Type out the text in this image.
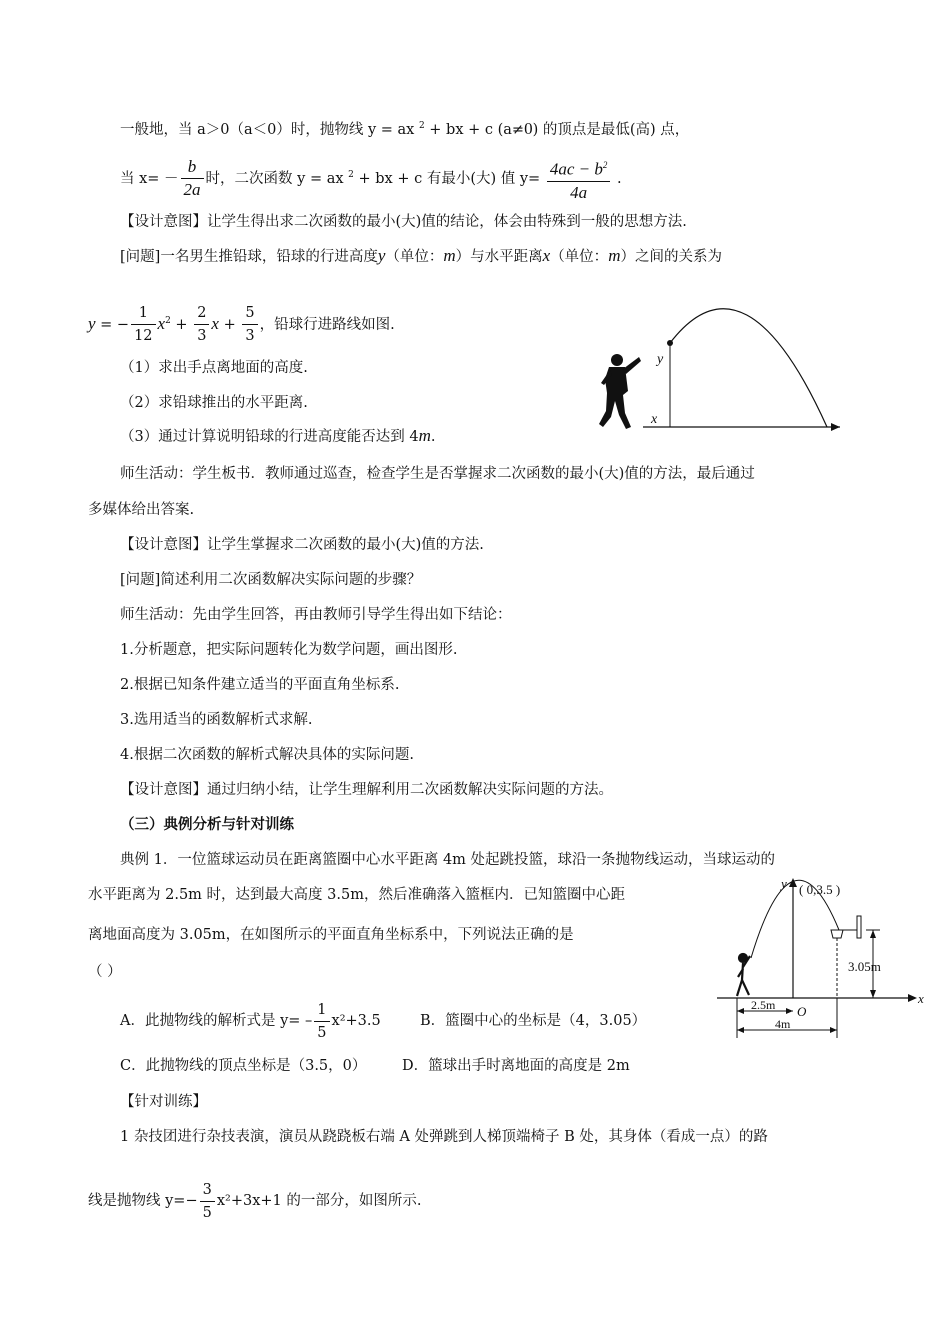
一般地，当 a＞0（a＜0）时，抛物线 y = ax $^2$ + bx + c (a≠0) 的顶点是最低(高) 点，
当 $x= - \frac{b}{2a}$ 时，二次函数 y = ax $^2$ + bx + c 有最小(大) 值 $y= \frac{4ac - b^2}{4a}$ .
【设计意图】让学生得出求二次函数的最小(大)值的结论，体会由特殊到一般的思想方法.
[问题]一名男生推铅球，铅球的行进高度y（单位：m）与水平距离x（单位：m）之间的关系为
y = − $\frac{1}{12} x^2 + \frac{2}{3}$ $x + \frac{5}{3}$ ，铅球行进路线如图.
（1）求出手点离地面的高度.
（2）求铅球推出的水平距离.
（3）通过计算说明铅球的行进高度能否达到 4m.
y
x
师生活动：学生板书．教师通过巡查，检查学生是否掌握求二次函数的最小(大)值的方法，最后通过
多媒体给出答案.
【设计意图】让学生掌握求二次函数的最小(大)值的方法.
[问题]简述利用二次函数解决实际问题的步骤？
师生活动：先由学生回答，再由教师引导学生得出如下结论：
1.分析题意，把实际问题转化为数学问题，画出图形.
2.根据已知条件建立适当的平面直角坐标系.
3.选用适当的函数解析式求解.
4.根据二次函数的解析式解决具体的实际问题.
【设计意图】通过归纳小结，让学生理解利用二次函数解决实际问题的方法。
（三）典例分析与针对训练
典例 1．一位篮球运动员在距离篮圈中心水平距离 4m 处起跳投篮，球沿一条抛物线运动，当球运动的
水平距离为 2.5m 时，达到最大高度 3.5m，然后准确落入篮框内．已知篮圈中心距
离地面高度为 3.05m，在如图所示的平面直角坐标系中，下列说法正确的是
（ ）
A．此抛物线的解析式是 $y= - \frac{1}{5} x^2+3.5$	B．篮圈中心的坐标是（4，3.05）
C．此抛物线的顶点坐标是（3.5，0） D．篮球出手时离地面的高度是 2m
x
y ( 0,3.5 )
3.05m
O
2.5m
4m
【针对训练】
1 杂技团进行杂技表演，演员从跷跷板右端 A 处弹跳到人梯顶端椅子 B 处，其身体（看成一点）的路
线是抛物线 $y=- \frac{3}{5} x^2+3x+1$ 的一部分，如图所示.
